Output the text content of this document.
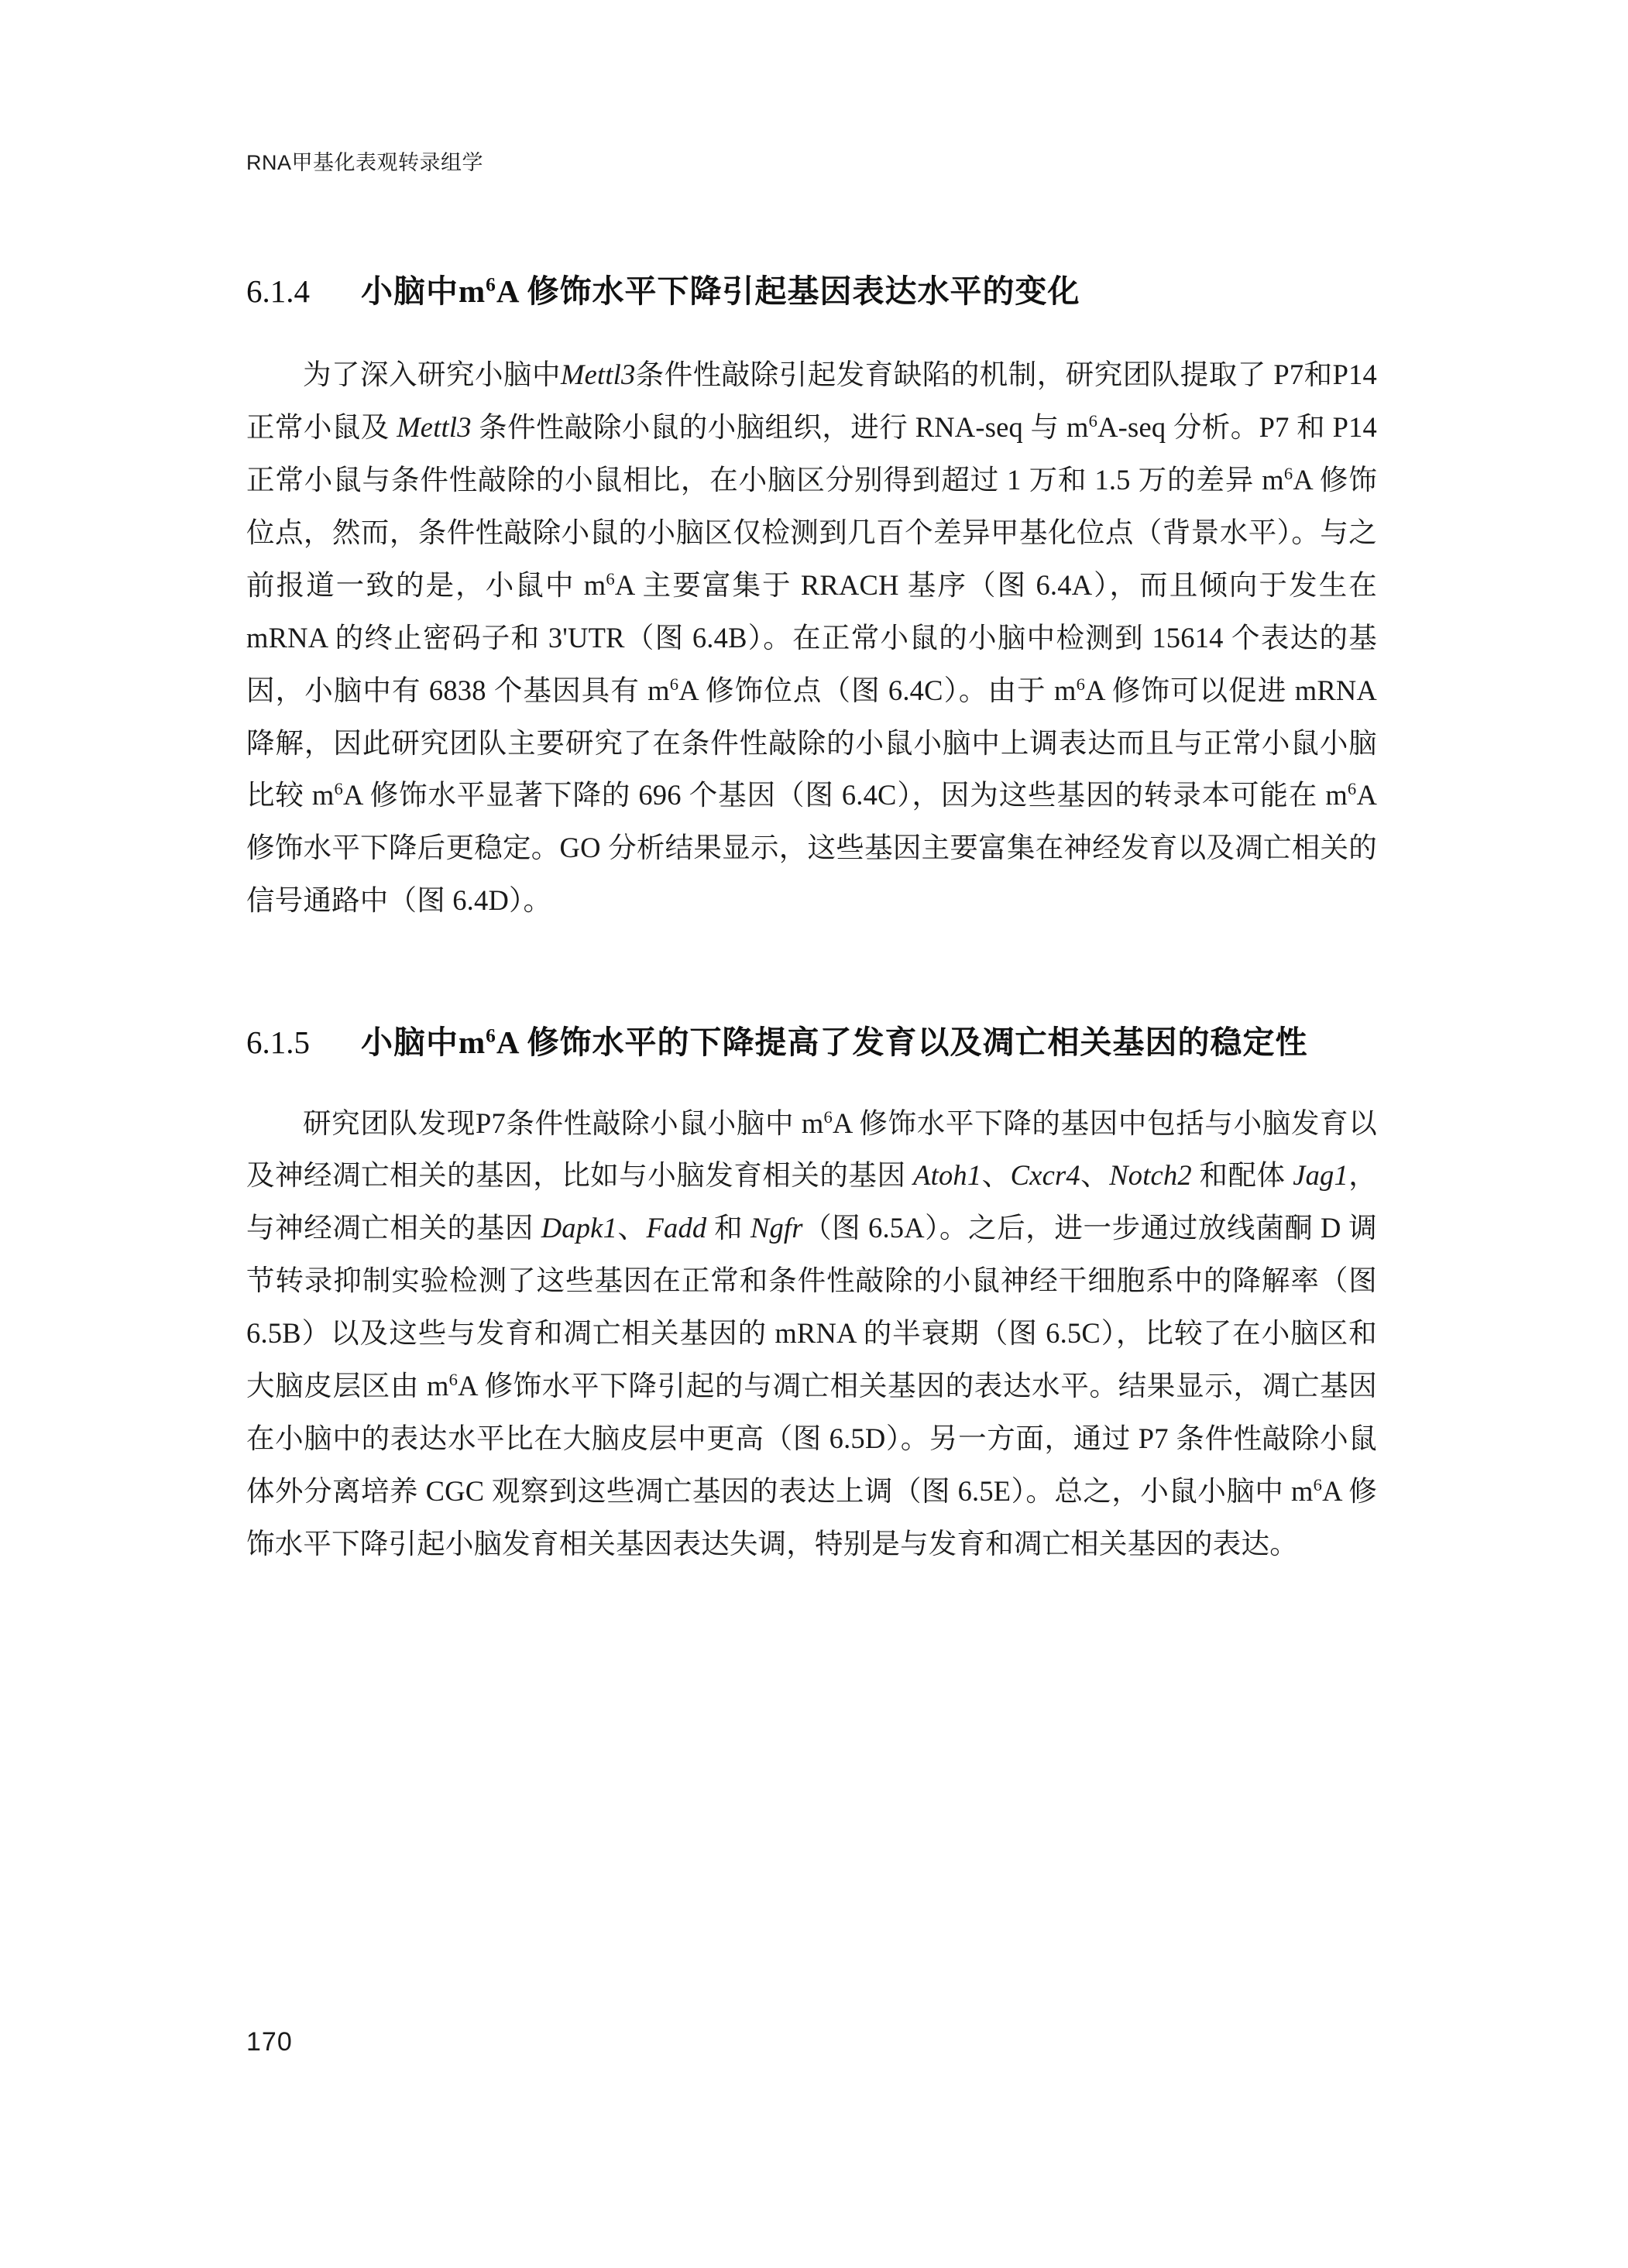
RNA甲基化表观转录组学
6.1.4	小脑中$m^6A$ 修饰水平下降引起基因表达水平的变化

为了深入研究小脑中Mettl3条件性敲除引起发育缺陷的机制，研究团队提取了 P7和P14正常小鼠及 Mettl3 条件性敲除小鼠的小脑组织，进行 RNA-seq 与 $m^6A$-seq 分析。P7 和 P14 正常小鼠与条件性敲除的小鼠相比，在小脑区分别得到超过 1 万和 1.5 万的差异 $m^6A$ 修饰位点，然而，条件性敲除小鼠的小脑区仅检测到几百个差异甲基化位点（背景水平）。与之前报道一致的是，小鼠中 $m^6A$ 主要富集于 RRACH 基序（图 6.4A），而且倾向于发生在 mRNA 的终止密码子和 3'UTR（图 6.4B）。在正常小鼠的小脑中检测到 15614 个表达的基因，小脑中有 6838 个基因具有 $m^6A$ 修饰位点（图 6.4C）。由于 $m^6A$ 修饰可以促进 mRNA 降解，因此研究团队主要研究了在条件性敲除的小鼠小脑中上调表达而且与正常小鼠小脑比较 $m^6A$ 修饰水平显著下降的 696 个基因（图 6.4C），因为这些基因的转录本可能在 $m^6A$ 修饰水平下降后更稳定。GO 分析结果显示，这些基因主要富集在神经发育以及凋亡相关的信号通路中（图 6.4D）。

6.1.5	小脑中$m^6A$ 修饰水平的下降提高了发育以及凋亡相关基因的稳定性

研究团队发现P7条件性敲除小鼠小脑中 $m^6A$ 修饰水平下降的基因中包括与小脑发育以及神经凋亡相关的基因，比如与小脑发育相关的基因 Atoh1、Cxcr4、Notch2 和配体 Jag1，与神经凋亡相关的基因 Dapk1、Fadd 和 Ngfr（图 6.5A）。之后，进一步通过放线菌酮 D 调节转录抑制实验检测了这些基因在正常和条件性敲除的小鼠神经干细胞系中的降解率（图 6.5B）以及这些与发育和凋亡相关基因的 mRNA 的半衰期（图 6.5C），比较了在小脑区和大脑皮层区由 $m^6A$ 修饰水平下降引起的与凋亡相关基因的表达水平。结果显示，凋亡基因在小脑中的表达水平比在大脑皮层中更高（图 6.5D）。另一方面，通过 P7 条件性敲除小鼠体外分离培养 CGC 观察到这些凋亡基因的表达上调（图 6.5E）。总之，小鼠小脑中 $m^6A$ 修饰水平下降引起小脑发育相关基因表达失调，特别是与发育和凋亡相关基因的表达。

170
